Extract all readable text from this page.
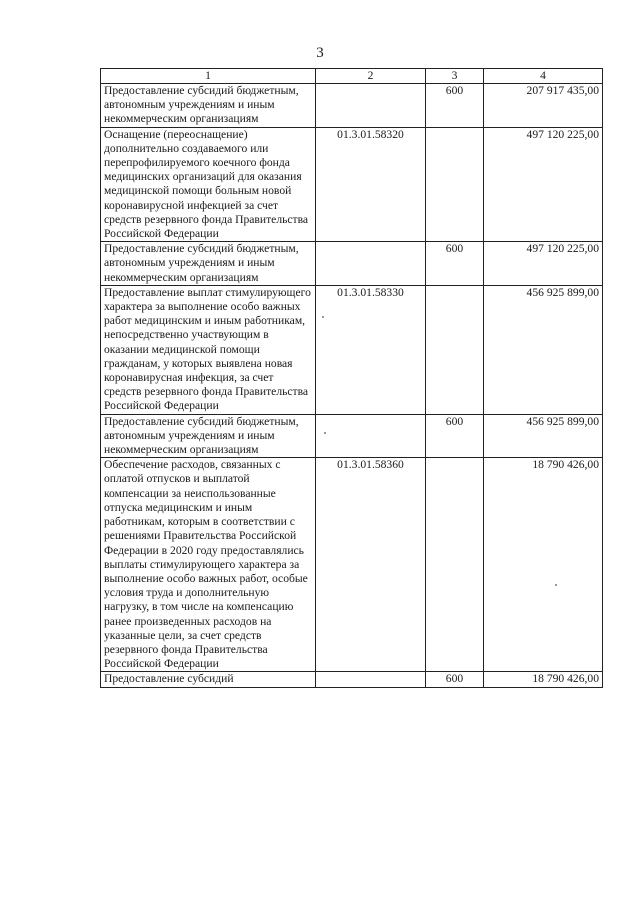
3
1	2	3	4
Предоставление субсидий бюджетным, автономным учреждениям и иным некоммерческим организациям		600	207 917 435,00
Оснащение (переоснащение) дополнительно создаваемого или перепрофилируемого коечного фонда медицинских организаций для оказания медицинской помощи больным новой коронавирусной инфекцией за счет средств резервного фонда Правительства Российской Федерации	01.3.01.58320		497 120 225,00
Предоставление субсидий бюджетным, автономным учреждениям и иным некоммерческим организациям		600	497 120 225,00
Предоставление выплат стимулирующего характера за выполнение особо важных работ медицинским и иным работникам, непосредственно участвующим в оказании медицинской помощи гражданам, у которых выявлена новая коронавирусная инфекция, за счет средств резервного фонда Правительства Российской Федерации	01.3.01.58330		456 925 899,00
Предоставление субсидий бюджетным, автономным учреждениям и иным некоммерческим организациям		600	456 925 899,00
Обеспечение расходов, связанных с оплатой отпусков и выплатой компенсации за неиспользованные отпуска медицинским и иным работникам, которым в соответствии с решениями Правительства Российской Федерации в 2020 году предоставлялись выплаты стимулирующего характера за выполнение особо важных работ, особые условия труда и дополнительную нагрузку, в том числе на компенсацию ранее произведенных расходов на указанные цели, за счет средств резервного фонда Правительства Российской Федерации	01.3.01.58360		18 790 426,00
Предоставление субсидий		600	18 790 426,00
